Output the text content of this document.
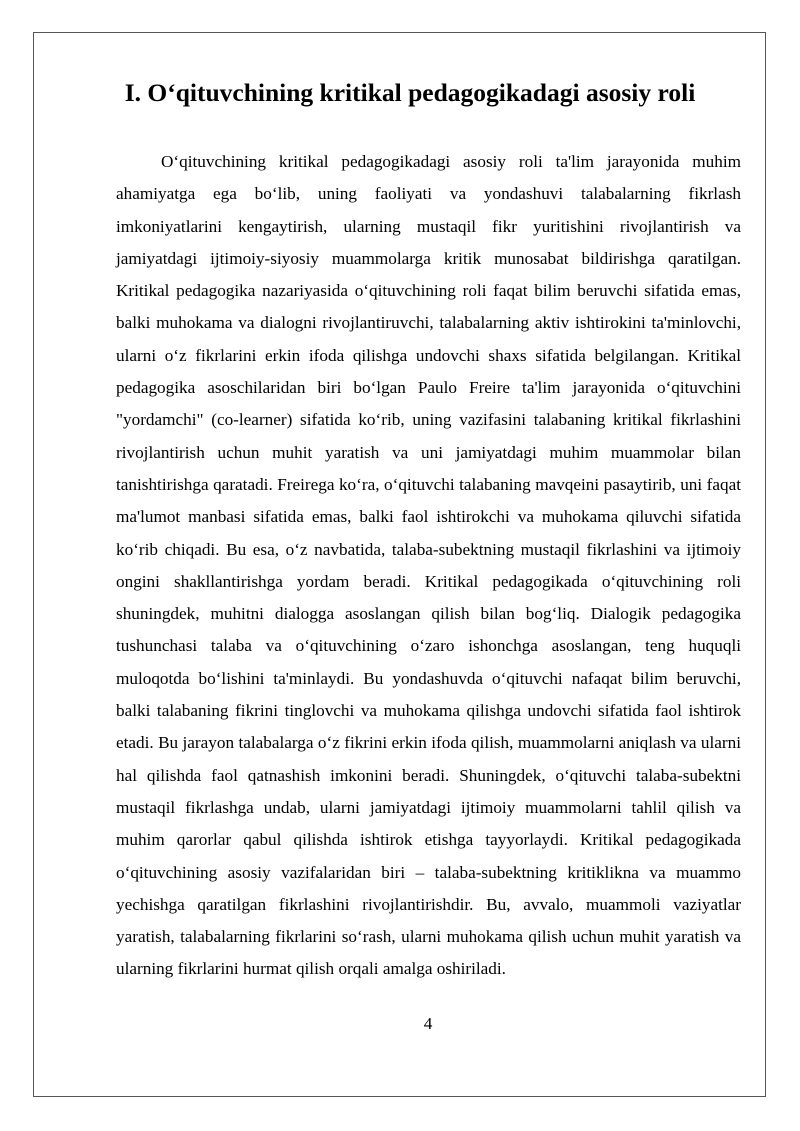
I. O‘qituvchining kritikal pedagogikadagi asosiy roli

O‘qituvchining kritikal pedagogikadagi asosiy roli ta'lim jarayonida muhim ahamiyatga ega bo‘lib, uning faoliyati va yondashuvi talabalarning fikrlash imkoniyatlarini kengaytirish, ularning mustaqil fikr yuritishini rivojlantirish va jamiyatdagi ijtimoiy-siyosiy muammolarga kritik munosabat bildirishga qaratilgan. Kritikal pedagogika nazariyasida o‘qituvchining roli faqat bilim beruvchi sifatida emas, balki muhokama va dialogni rivojlantiruvchi, talabalarning aktiv ishtirokini ta'minlovchi, ularni o‘z fikrlarini erkin ifoda qilishga undovchi shaxs sifatida belgilangan. Kritikal pedagogika asoschilaridan biri bo‘lgan Paulo Freire ta'lim jarayonida o‘qituvchini "yordamchi" (co-learner) sifatida ko‘rib, uning vazifasini talabaning kritikal fikrlashini rivojlantirish uchun muhit yaratish va uni jamiyatdagi muhim muammolar bilan tanishtirishga qaratadi. Freirega ko‘ra, o‘qituvchi talabaning mavqeini pasaytirib, uni faqat ma'lumot manbasi sifatida emas, balki faol ishtirokchi va muhokama qiluvchi sifatida ko‘rib chiqadi. Bu esa, o‘z navbatida, talaba-subektning mustaqil fikrlashini va ijtimoiy ongini shakllantirishga yordam beradi. Kritikal pedagogikada o‘qituvchining roli shuningdek, muhitni dialogga asoslangan qilish bilan bog‘liq. Dialogik pedagogika tushunchasi talaba va o‘qituvchining o‘zaro ishonchga asoslangan, teng huquqli muloqotda bo‘lishini ta'minlaydi. Bu yondashuvda o‘qituvchi nafaqat bilim beruvchi, balki talabaning fikrini tinglovchi va muhokama qilishga undovchi sifatida faol ishtirok etadi. Bu jarayon talabalarga o‘z fikrini erkin ifoda qilish, muammolarni aniqlash va ularni hal qilishda faol qatnashish imkonini beradi. Shuningdek, o‘qituvchi talaba-subektni mustaqil fikrlashga undab, ularni jamiyatdagi ijtimoiy muammolarni tahlil qilish va muhim qarorlar qabul qilishda ishtirok etishga tayyorlaydi. Kritikal pedagogikada o‘qituvchining asosiy vazifalaridan biri – talaba-subektning kritiklikna va muammo yechishga qaratilgan fikrlashini rivojlantirishdir. Bu, avvalo, muammoli vaziyatlar yaratish, talabalarning fikrlarini so‘rash, ularni muhokama qilish uchun muhit yaratish va ularning fikrlarini hurmat qilish orqali amalga oshiriladi.

4
